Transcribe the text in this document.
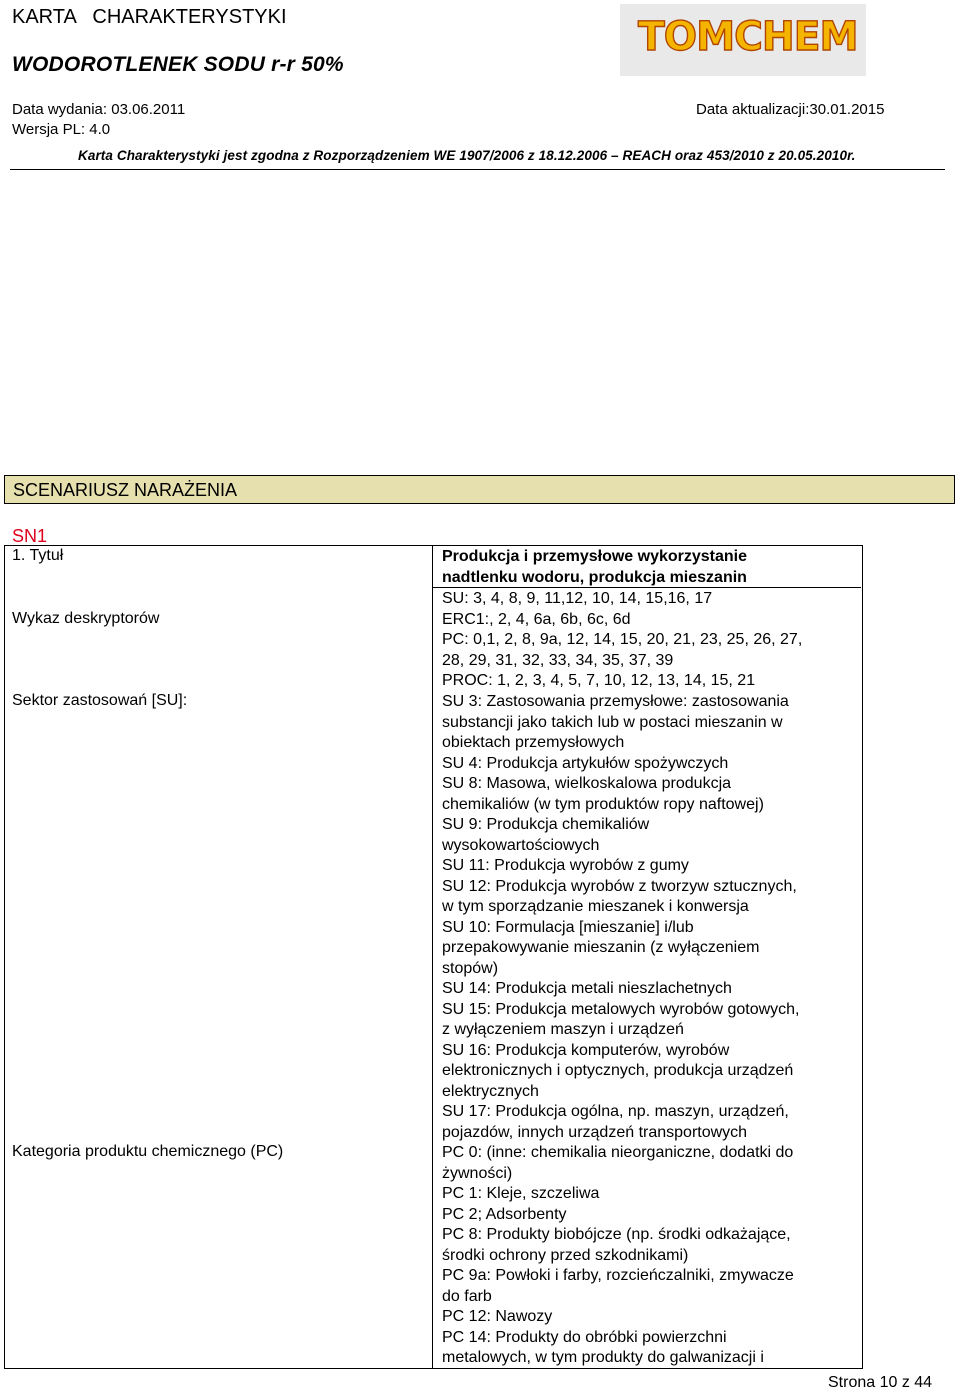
KARTA   CHARAKTERYSTYKI
WODOROTLENEK SODU r-r 50%
TOMCHEM
Data wydania: 03.06.2011	Data aktualizacji:30.01.2015
Wersja PL: 4.0
Karta Charakterystyki jest zgodna z Rozporządzeniem WE 1907/2006 z 18.12.2006 – REACH oraz 453/2010 z 20.05.2010r.
SCENARIUSZ NARAŻENIA
SN1
1. Tytuł
Wykaz deskryptorów
Sektor zastosowań [SU]:
Kategoria produktu chemicznego (PC)
Produkcja i przemysłowe wykorzystanie
nadtlenku wodoru, produkcja mieszanin
SU: 3, 4, 8, 9, 11,12, 10, 14, 15,16, 17
ERC1:, 2, 4, 6a, 6b, 6c, 6d
PC: 0,1, 2, 8, 9a, 12, 14, 15, 20, 21, 23, 25, 26, 27,
28, 29, 31, 32, 33, 34, 35, 37, 39
PROC: 1, 2, 3, 4, 5, 7, 10, 12, 13, 14, 15, 21
SU 3: Zastosowania przemysłowe: zastosowania
substancji jako takich lub w postaci mieszanin w
obiektach przemysłowych
SU 4: Produkcja artykułów spożywczych
SU 8: Masowa, wielkoskalowa produkcja
chemikaliów (w tym produktów ropy naftowej)
SU 9: Produkcja chemikaliów
wysokowartościowych
SU 11: Produkcja wyrobów z gumy
SU 12: Produkcja wyrobów z tworzyw sztucznych,
w tym sporządzanie mieszanek i konwersja
SU 10: Formulacja [mieszanie] i/lub
przepakowywanie mieszanin (z wyłączeniem
stopów)
SU 14: Produkcja metali nieszlachetnych
SU 15: Produkcja metalowych wyrobów gotowych,
z wyłączeniem maszyn i urządzeń
SU 16: Produkcja komputerów, wyrobów
elektronicznych i optycznych, produkcja urządzeń
elektrycznych
SU 17: Produkcja ogólna, np. maszyn, urządzeń,
pojazdów, innych urządzeń transportowych
PC 0: (inne: chemikalia nieorganiczne, dodatki do
żywności)
PC 1: Kleje, szczeliwa
PC 2; Adsorbenty
PC 8: Produkty biobójcze (np. środki odkażające,
środki ochrony przed szkodnikami)
PC 9a: Powłoki i farby, rozcieńczalniki, zmywacze
do farb
PC 12: Nawozy
PC 14: Produkty do obróbki powierzchni
metalowych, w tym produkty do galwanizacji i
Strona 10 z 44
